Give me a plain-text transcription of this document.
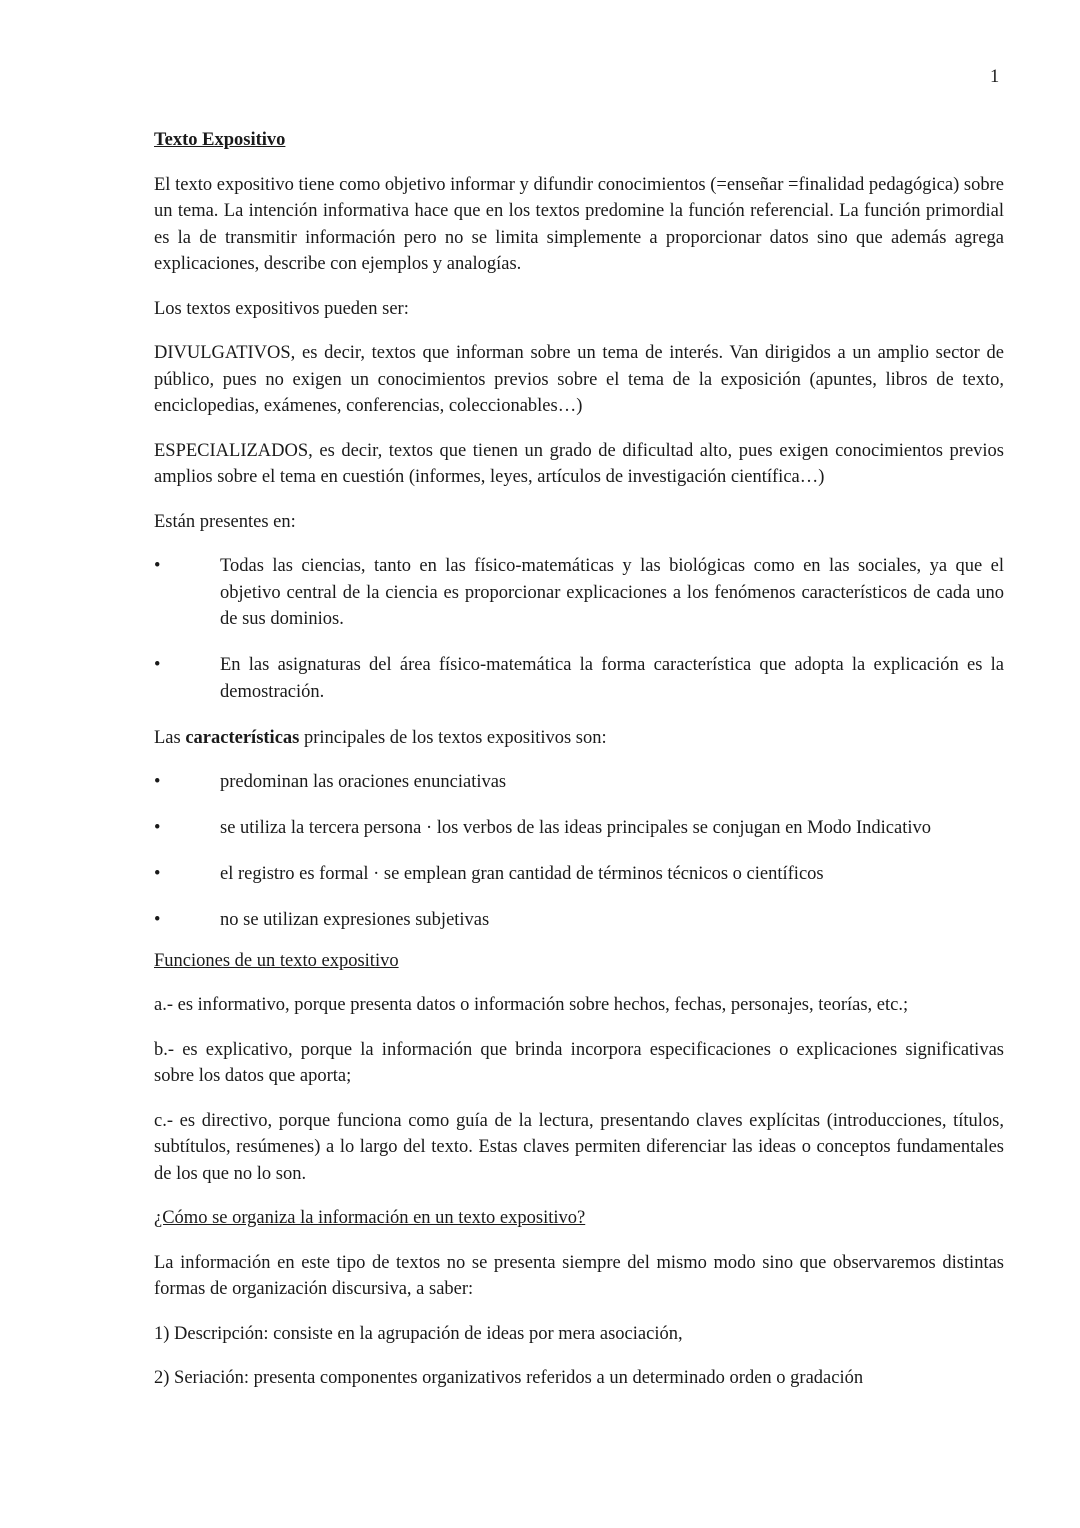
1

Texto Expositivo

El texto expositivo tiene como objetivo informar y difundir conocimientos (=enseñar =finalidad pedagógica) sobre un tema. La intención informativa hace que en los textos predomine la función referencial. La función primordial es la de transmitir información pero no se limita simplemente a proporcionar datos sino que además agrega explicaciones, describe con ejemplos y analogías.

Los textos expositivos pueden ser:

DIVULGATIVOS, es decir, textos que informan sobre un tema de interés. Van dirigidos a un amplio sector de público, pues no exigen un conocimientos previos sobre el tema de la exposición (apuntes, libros de texto, enciclopedias, exámenes, conferencias, coleccionables…)

ESPECIALIZADOS, es decir, textos que tienen un grado de dificultad alto, pues exigen conocimientos previos amplios sobre el tema en cuestión (informes, leyes, artículos de investigación científica…)

Están presentes en:

•	Todas las ciencias, tanto en las físico-matemáticas y las biológicas como en las sociales, ya que el objetivo central de la ciencia es proporcionar explicaciones a los fenómenos característicos de cada uno de sus dominios.
•	En las asignaturas del área físico-matemática la forma característica que adopta la explicación es la demostración.

Las características principales de los textos expositivos son:

•	predominan las oraciones enunciativas
•	se utiliza la tercera persona · los verbos de las ideas principales se conjugan en Modo Indicativo
•	el registro es formal · se emplean gran cantidad de términos técnicos o científicos
•	no se utilizan expresiones subjetivas

Funciones de un texto expositivo

a.- es informativo, porque presenta datos o información sobre hechos, fechas, personajes, teorías, etc.;

b.- es explicativo, porque la información que brinda incorpora especificaciones o explicaciones significativas sobre los datos que aporta;

c.- es directivo, porque funciona como guía de la lectura, presentando claves explícitas (introducciones, títulos, subtítulos, resúmenes) a lo largo del texto. Estas claves permiten diferenciar las ideas o conceptos fundamentales de los que no lo son.

¿Cómo se organiza la información en un texto expositivo?

La información en este tipo de textos no se presenta siempre del mismo modo sino que observaremos distintas formas de organización discursiva, a saber:

1) Descripción: consiste en la agrupación de ideas por mera asociación,

2) Seriación: presenta componentes organizativos referidos a un determinado orden o gradación
